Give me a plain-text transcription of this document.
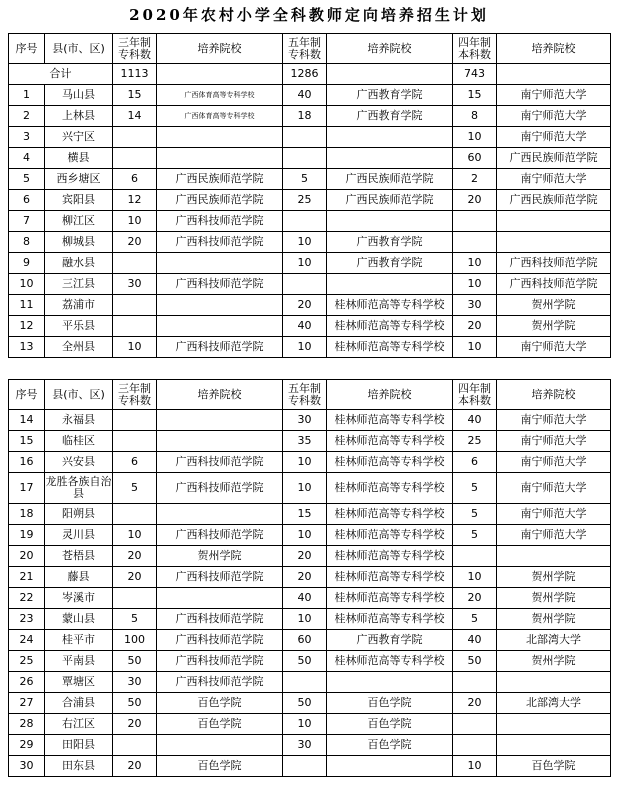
2020年农村小学全科教师定向培养招生计划
序号	县(市、区)	三年制专科数	培养院校	五年制专科数	培养院校	四年制本科数	培养院校
合计		1113		1286		743	
1	马山县	15	广西体育高等专科学校	40	广西教育学院	15	南宁师范大学
2	上林县	14	广西体育高等专科学校	18	广西教育学院	8	南宁师范大学
3	兴宁区					10	南宁师范大学
4	横县					60	广西民族师范学院
5	西乡塘区	6	广西民族师范学院	5	广西民族师范学院	2	南宁师范大学
6	宾阳县	12	广西民族师范学院	25	广西民族师范学院	20	广西民族师范学院
7	柳江区	10	广西科技师范学院				
8	柳城县	20	广西科技师范学院	10	广西教育学院		
9	融水县			10	广西教育学院	10	广西科技师范学院
10	三江县	30	广西科技师范学院			10	广西科技师范学院
11	荔浦市			20	桂林师范高等专科学校	30	贺州学院
12	平乐县			40	桂林师范高等专科学校	20	贺州学院
13	全州县	10	广西科技师范学院	10	桂林师范高等专科学校	10	南宁师范大学
序号	县(市、区)	三年制专科数	培养院校	五年制专科数	培养院校	四年制本科数	培养院校
14	永福县			30	桂林师范高等专科学校	40	南宁师范大学
15	临桂区			35	桂林师范高等专科学校	25	南宁师范大学
16	兴安县	6	广西科技师范学院	10	桂林师范高等专科学校	6	南宁师范大学
17	龙胜各族自治县	5	广西科技师范学院	10	桂林师范高等专科学校	5	南宁师范大学
18	阳朔县			15	桂林师范高等专科学校	5	南宁师范大学
19	灵川县	10	广西科技师范学院	10	桂林师范高等专科学校	5	南宁师范大学
20	苍梧县	20	贺州学院	20	桂林师范高等专科学校		
21	藤县	20	广西科技师范学院	20	桂林师范高等专科学校	10	贺州学院
22	岑溪市			40	桂林师范高等专科学校	20	贺州学院
23	蒙山县	5	广西科技师范学院	10	桂林师范高等专科学校	5	贺州学院
24	桂平市	100	广西科技师范学院	60	广西教育学院	40	北部湾大学
25	平南县	50	广西科技师范学院	50	桂林师范高等专科学校	50	贺州学院
26	覃塘区	30	广西科技师范学院				
27	合浦县	50	百色学院	50	百色学院	20	北部湾大学
28	右江区	20	百色学院	10	百色学院		
29	田阳县			30	百色学院		
30	田东县	20	百色学院			10	百色学院
